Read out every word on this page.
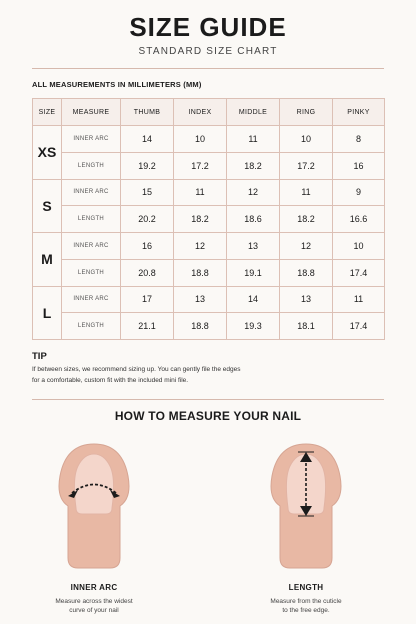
SIZE GUIDE
STANDARD SIZE CHART
ALL MEASUREMENTS IN MILLIMETERS (MM)
SIZE	MEASURE	THUMB	INDEX	MIDDLE	RING	PINKY
XS	INNER ARC	14	10	11	10	8
	LENGTH	19.2	17.2	18.2	17.2	16
S	INNER ARC	15	11	12	11	9
	LENGTH	20.2	18.2	18.6	18.2	16.6
M	INNER ARC	16	12	13	12	10
	LENGTH	20.8	18.8	19.1	18.8	17.4
L	INNER ARC	17	13	14	13	11
	LENGTH	21.1	18.8	19.3	18.1	17.4
TIP
If between sizes, we recommend sizing up. You can gently file the edges
for a comfortable, custom fit with the included mini file.
HOW TO MEASURE YOUR NAIL
INNER ARC
Measure across the widest
curve of your nail
LENGTH
Measure from the cuticle
to the free edge.
